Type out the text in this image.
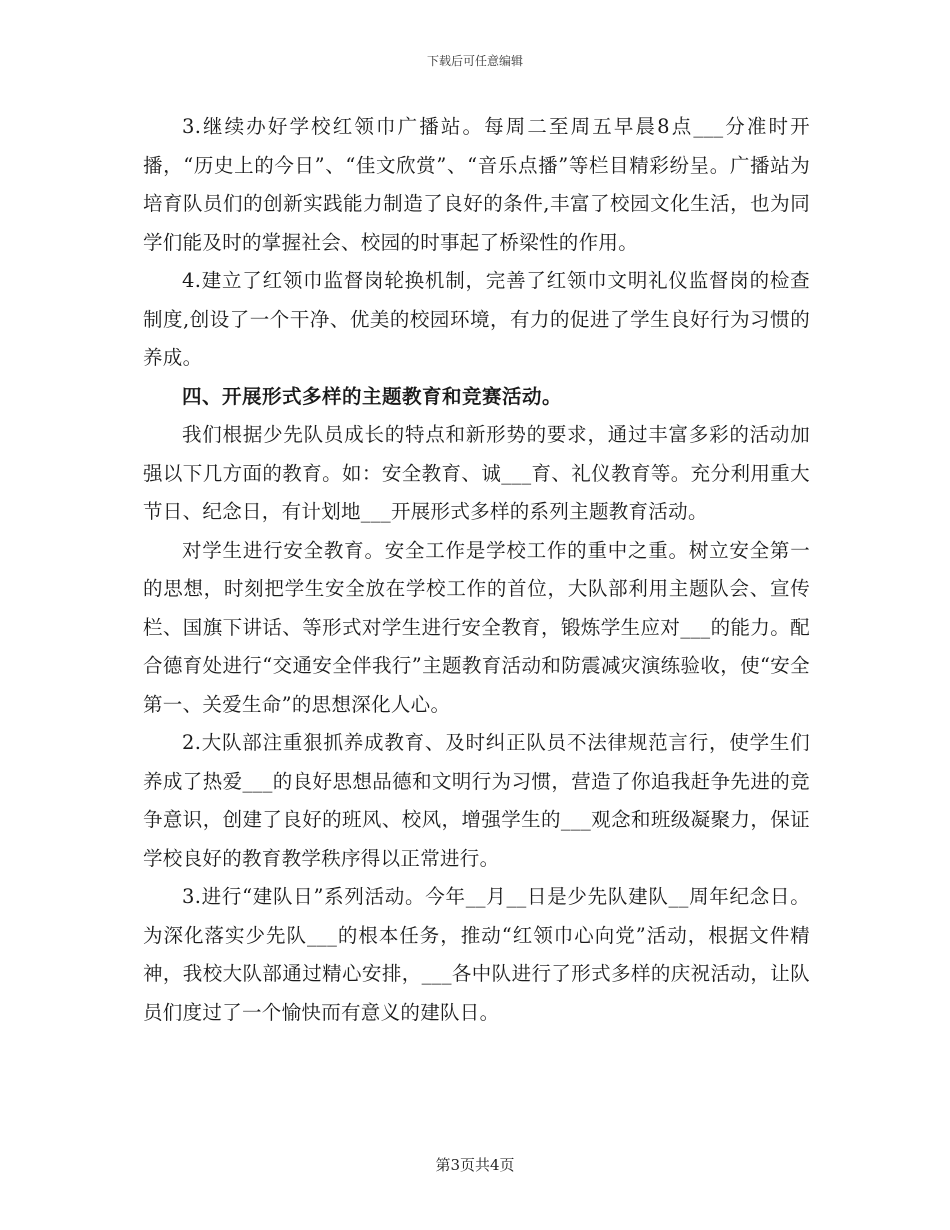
下载后可任意编辑

3.继续办好学校红领巾广播站。每周二至周五早晨8点___分准时开播，“历史上的今日”、“佳文欣赏”、“音乐点播”等栏目精彩纷呈。广播站为培育队员们的创新实践能力制造了良好的条件,丰富了校园文化生活，也为同学们能及时的掌握社会、校园的时事起了桥梁性的作用。

4.建立了红领巾监督岗轮换机制，完善了红领巾文明礼仪监督岗的检查制度,创设了一个干净、优美的校园环境，有力的促进了学生良好行为习惯的养成。

四、开展形式多样的主题教育和竞赛活动。

我们根据少先队员成长的特点和新形势的要求，通过丰富多彩的活动加强以下几方面的教育。如：安全教育、诚___育、礼仪教育等。充分利用重大节日、纪念日，有计划地___开展形式多样的系列主题教育活动。

对学生进行安全教育。安全工作是学校工作的重中之重。树立安全第一的思想，时刻把学生安全放在学校工作的首位，大队部利用主题队会、宣传栏、国旗下讲话、等形式对学生进行安全教育，锻炼学生应对___的能力。配合德育处进行“交通安全伴我行”主题教育活动和防震减灾演练验收，使“安全第一、关爱生命”的思想深化人心。

2.大队部注重狠抓养成教育、及时纠正队员不法律规范言行，使学生们养成了热爱___的良好思想品德和文明行为习惯，营造了你追我赶争先进的竞争意识，创建了良好的班风、校风，增强学生的___观念和班级凝聚力，保证学校良好的教育教学秩序得以正常进行。

3.进行“建队日”系列活动。今年__月__日是少先队建队__周年纪念日。为深化落实少先队___的根本任务，推动“红领巾心向党”活动，根据文件精神，我校大队部通过精心安排，___各中队进行了形式多样的庆祝活动，让队员们度过了一个愉快而有意义的建队日。

第3页共4页
